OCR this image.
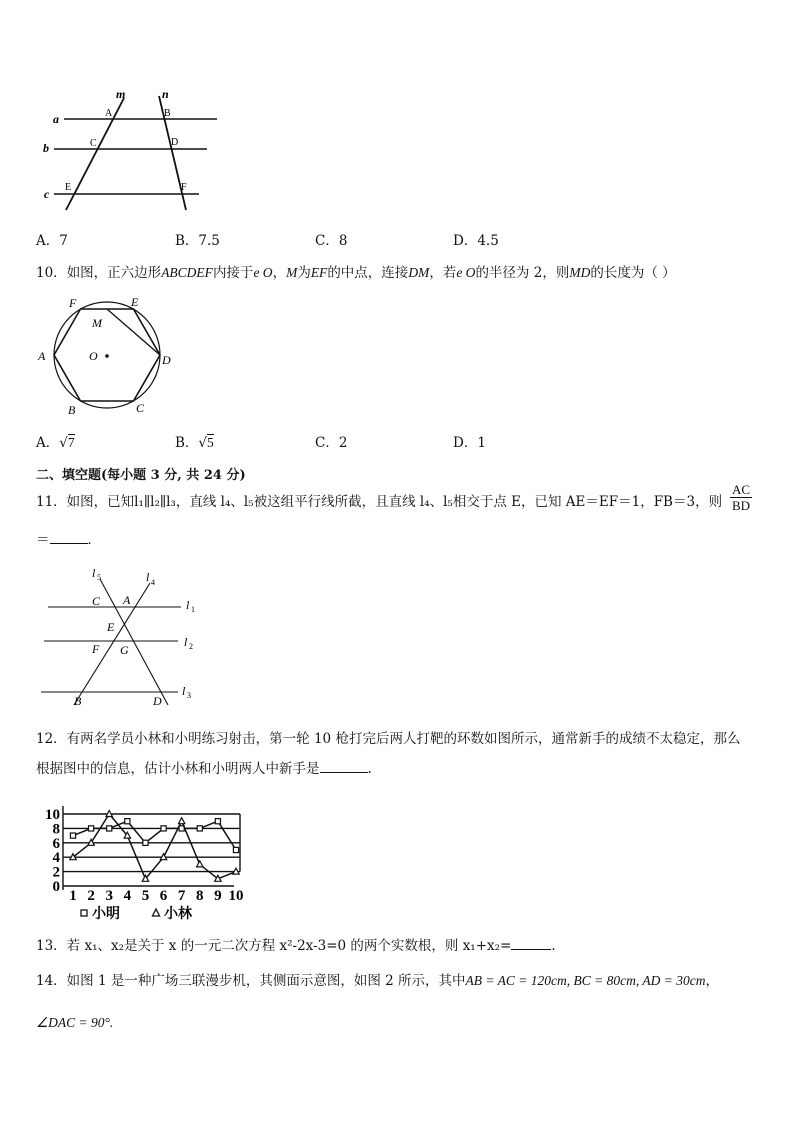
m	n
a
b
c
A	B
C	D
E	F
A．7	B．7.5	C．8	D．4.5
10．如图，正六边形ABCDEF内接于e O，M为EF的中点，连接DM，若e O的半径为 2，则MD的长度为（ ）
F	E
M
A	O	D
B	C
A．√7	B．√5	C．2	D．1
二、填空题(每小题 3 分, 共 24 分)
11．如图，已知l₁∥l₂∥l₃，直线 l₄、l₅被这组平行线所截，且直线 l₄、l₅相交于点 E，已知 AE＝EF＝1，FB＝3，则 $\frac{AC}{BD}$
＝	．
l 5	l 4
l 1
l 2
l 3
C A
E
F G
B	D
12．有两名学员小林和小明练习射击，第一轮 10 枪打完后两人打靶的环数如图所示，通常新手的成绩不太稳定，那么
根据图中的信息，估计小林和小明两人中新手是	.
0
2
4
6
8
10
1 2 3 4 5 6 7 8 9 10
小明	小林
13．若 x₁、x₂是关于 x 的一元二次方程 x²-2x-3=0 的两个实数根，则 x₁+x₂=	.
14．如图 1 是一种广场三联漫步机，其侧面示意图，如图 2 所示，其中AB = AC = 120cm, BC = 80cm, AD = 30cm，
∠DAC = 90°.
